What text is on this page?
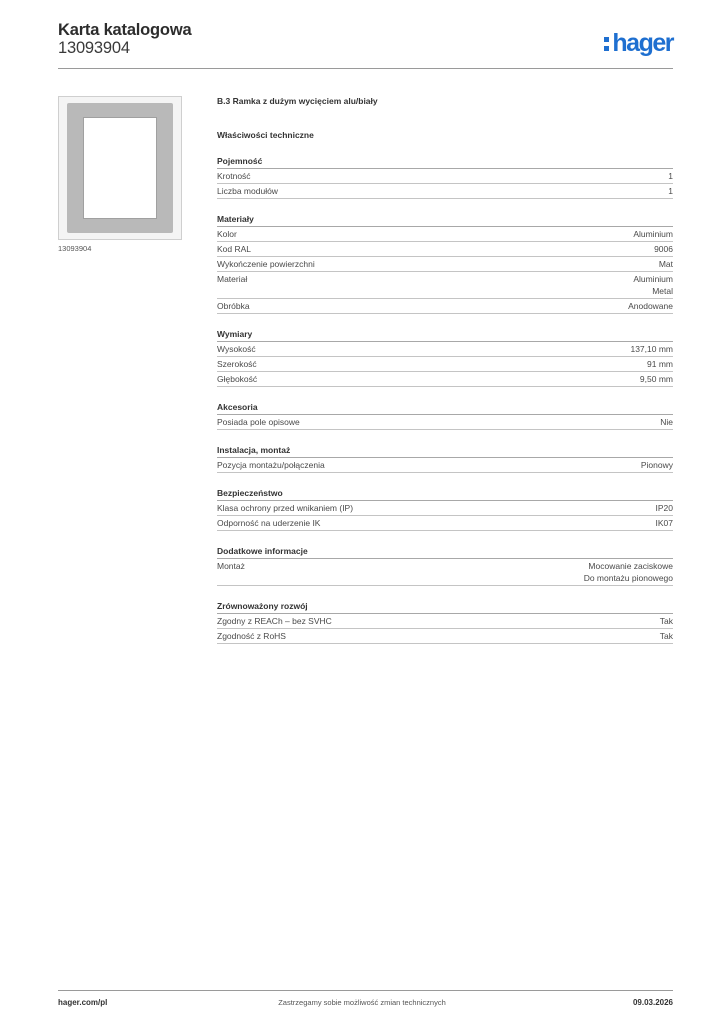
Karta katalogowa
13093904	hager
13093904
B.3 Ramka z dużym wycięciem alu/biały
Właściwości techniczne
Pojemność
Krotność	1
Liczba modułów	1
Materiały
Kolor	Aluminium
Kod RAL	9006
Wykończenie powierzchni	Mat
Materiał	Aluminium
Metal
Obróbka	Anodowane
Wymiary
Wysokość	137,10 mm
Szerokość	91 mm
Głębokość	9,50 mm
Akcesoria
Posiada pole opisowe	Nie
Instalacja, montaż
Pozycja montażu/połączenia	Pionowy
Bezpieczeństwo
Klasa ochrony przed wnikaniem (IP)	IP20
Odporność na uderzenie IK	IK07
Dodatkowe informacje
Montaż	Mocowanie zaciskowe
Do montażu pionowego
Zrównoważony rozwój
Zgodny z REACh – bez SVHC	Tak
Zgodność z RoHS	Tak
hager.com/pl	Zastrzegamy sobie możliwość zmian technicznych	09.03.2026
